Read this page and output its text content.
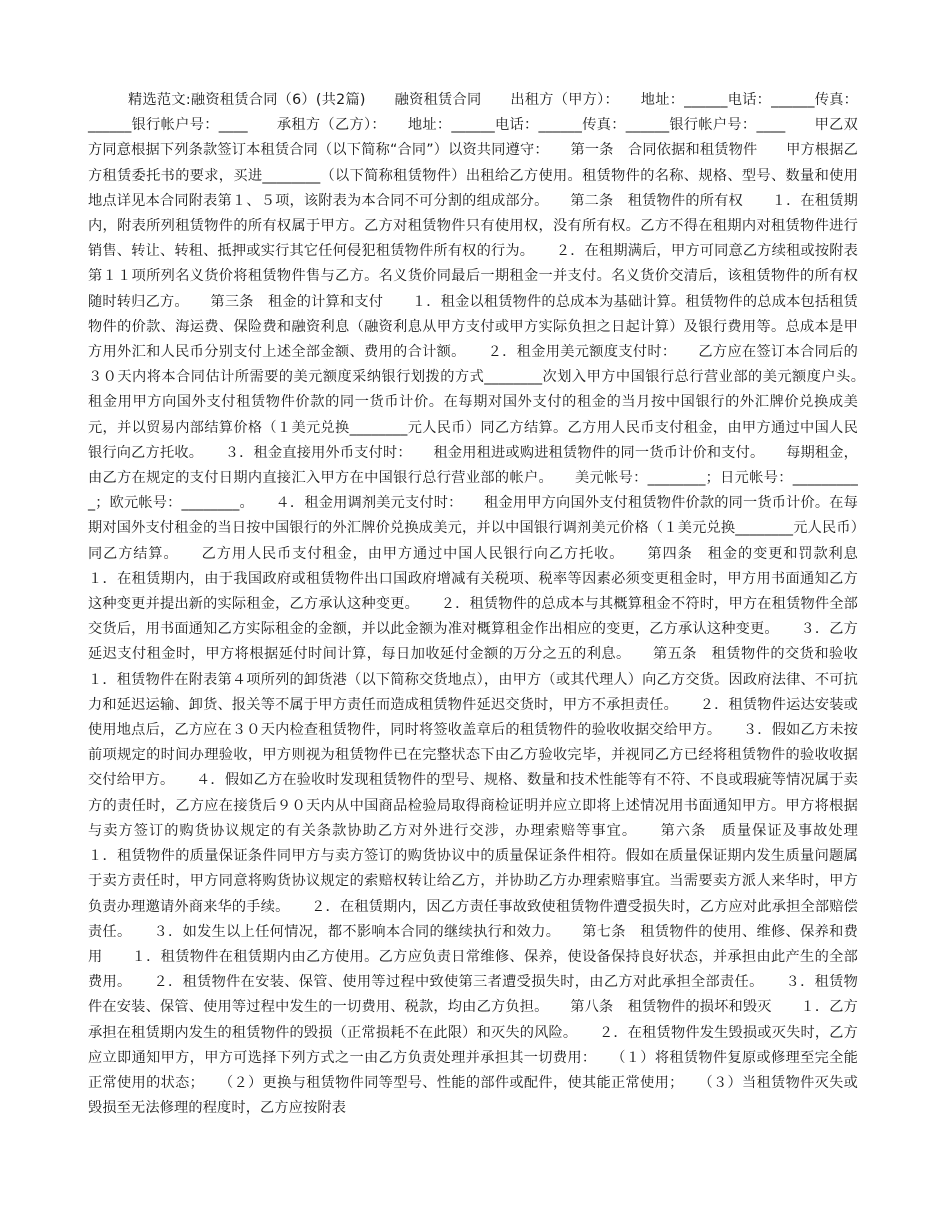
精选范文:融资租赁合同（6）(共2篇)　　融资租赁合同　　出租方（甲方）：　　地址：______电话：______传真：______银行帐户号：____　　承租方（乙方）：　　地址：______电话：______传真：______银行帐户号：____　　甲乙双方同意根据下列条款签订本租赁合同（以下简称“合同”）以资共同遵守：　　第一条　合同依据和租赁物件　　甲方根据乙方租赁委托书的要求，买进________（以下简称租赁物件）出租给乙方使用。租赁物件的名称、规格、型号、数量和使用地点详见本合同附表第１、５项，该附表为本合同不可分割的组成部分。　　第二条　租赁物件的所有权　　１．在租赁期内，附表所列租赁物件的所有权属于甲方。乙方对租赁物件只有使用权，没有所有权。乙方不得在租期内对租赁物件进行销售、转让、转租、抵押或实行其它任何侵犯租赁物件所有权的行为。　　２．在租期满后，甲方可同意乙方续租或按附表第１１项所列名义货价将租赁物件售与乙方。名义货价同最后一期租金一并支付。名义货价交清后，该租赁物件的所有权随时转归乙方。　　第三条　租金的计算和支付　　１．租金以租赁物件的总成本为基础计算。租赁物件的总成本包括租赁物件的价款、海运费、保险费和融资利息（融资利息从甲方支付或甲方实际负担之日起计算）及银行费用等。总成本是甲方用外汇和人民币分别支付上述全部金额、费用的合计额。　　２．租金用美元额度支付时：　　乙方应在签订本合同后的３０天内将本合同估计所需要的美元额度采纳银行划拨的方式________次划入甲方中国银行总行营业部的美元额度户头。　　租金用甲方向国外支付租赁物件价款的同一货币计价。在每期对国外支付的租金的当月按中国银行的外汇牌价兑换成美元，并以贸易内部结算价格（１美元兑换________元人民币）同乙方结算。乙方用人民币支付租金，由甲方通过中国人民银行向乙方托收。　　３．租金直接用外币支付时：　　租金用租进或购进租赁物件的同一货币计价和支付。　　每期租金，由乙方在规定的支付日期内直接汇入甲方在中国银行总行营业部的帐户。　　美元帐号：________；日元帐号：__________；欧元帐号：________。　　４．租金用调剂美元支付时：　　租金用甲方向国外支付租赁物件价款的同一货币计价。在每期对国外支付租金的当日按中国银行的外汇牌价兑换成美元，并以中国银行调剂美元价格（１美元兑换________元人民币）同乙方结算。　　乙方用人民币支付租金，由甲方通过中国人民银行向乙方托收。　　第四条　租金的变更和罚款利息　　１．在租赁期内，由于我国政府或租赁物件出口国政府增减有关税项、税率等因素必须变更租金时，甲方用书面通知乙方这种变更并提出新的实际租金，乙方承认这种变更。　　２．租赁物件的总成本与其概算租金不符时，甲方在租赁物件全部交货后，用书面通知乙方实际租金的金额，并以此金额为准对概算租金作出相应的变更，乙方承认这种变更。　　３．乙方延迟支付租金时，甲方将根据延付时间计算，每日加收延付金额的万分之五的利息。　　第五条　租赁物件的交货和验收　　１．租赁物件在附表第４项所列的卸货港（以下简称交货地点），由甲方（或其代理人）向乙方交货。因政府法律、不可抗力和延迟运输、卸货、报关等不属于甲方责任而造成租赁物件延迟交货时，甲方不承担责任。　　２．租赁物件运达安装或使用地点后，乙方应在３０天内检查租赁物件，同时将签收盖章后的租赁物件的验收收据交给甲方。　　３．假如乙方未按前项规定的时间办理验收，甲方则视为租赁物件已在完整状态下由乙方验收完毕，并视同乙方已经将租赁物件的验收收据交付给甲方。　　４．假如乙方在验收时发现租赁物件的型号、规格、数量和技术性能等有不符、不良或瑕疵等情况属于卖方的责任时，乙方应在接货后９０天内从中国商品检验局取得商检证明并应立即将上述情况用书面通知甲方。甲方将根据与卖方签订的购货协议规定的有关条款协助乙方对外进行交涉，办理索赔等事宜。　　第六条　质量保证及事故处理　　１．租赁物件的质量保证条件同甲方与卖方签订的购货协议中的质量保证条件相符。假如在质量保证期内发生质量问题属于卖方责任时，甲方同意将购货协议规定的索赔权转让给乙方，并协助乙方办理索赔事宜。当需要卖方派人来华时，甲方负责办理邀请外商来华的手续。　　２．在租赁期内，因乙方责任事故致使租赁物件遭受损失时，乙方应对此承担全部赔偿责任。　　３．如发生以上任何情况，都不影响本合同的继续执行和效力。　　第七条　租赁物件的使用、维修、保养和费用　　１．租赁物件在租赁期内由乙方使用。乙方应负责日常维修、保养，使设备保持良好状态，并承担由此产生的全部费用。　　２．租赁物件在安装、保管、使用等过程中致使第三者遭受损失时，由乙方对此承担全部责任。　　３．租赁物件在安装、保管、使用等过程中发生的一切费用、税款，均由乙方负担。　　第八条　租赁物件的损坏和毁灭　　１．乙方承担在租赁期内发生的租赁物件的毁损（正常损耗不在此限）和灭失的风险。　　２．在租赁物件发生毁损或灭失时，乙方应立即通知甲方，甲方可选择下列方式之一由乙方负责处理并承担其一切费用：　　（１）将租赁物件复原或修理至完全能正常使用的状态；　　（２）更换与租赁物件同等型号、性能的部件或配件，使其能正常使用；　　（３）当租赁物件灭失或毁损至无法修理的程度时，乙方应按附表
